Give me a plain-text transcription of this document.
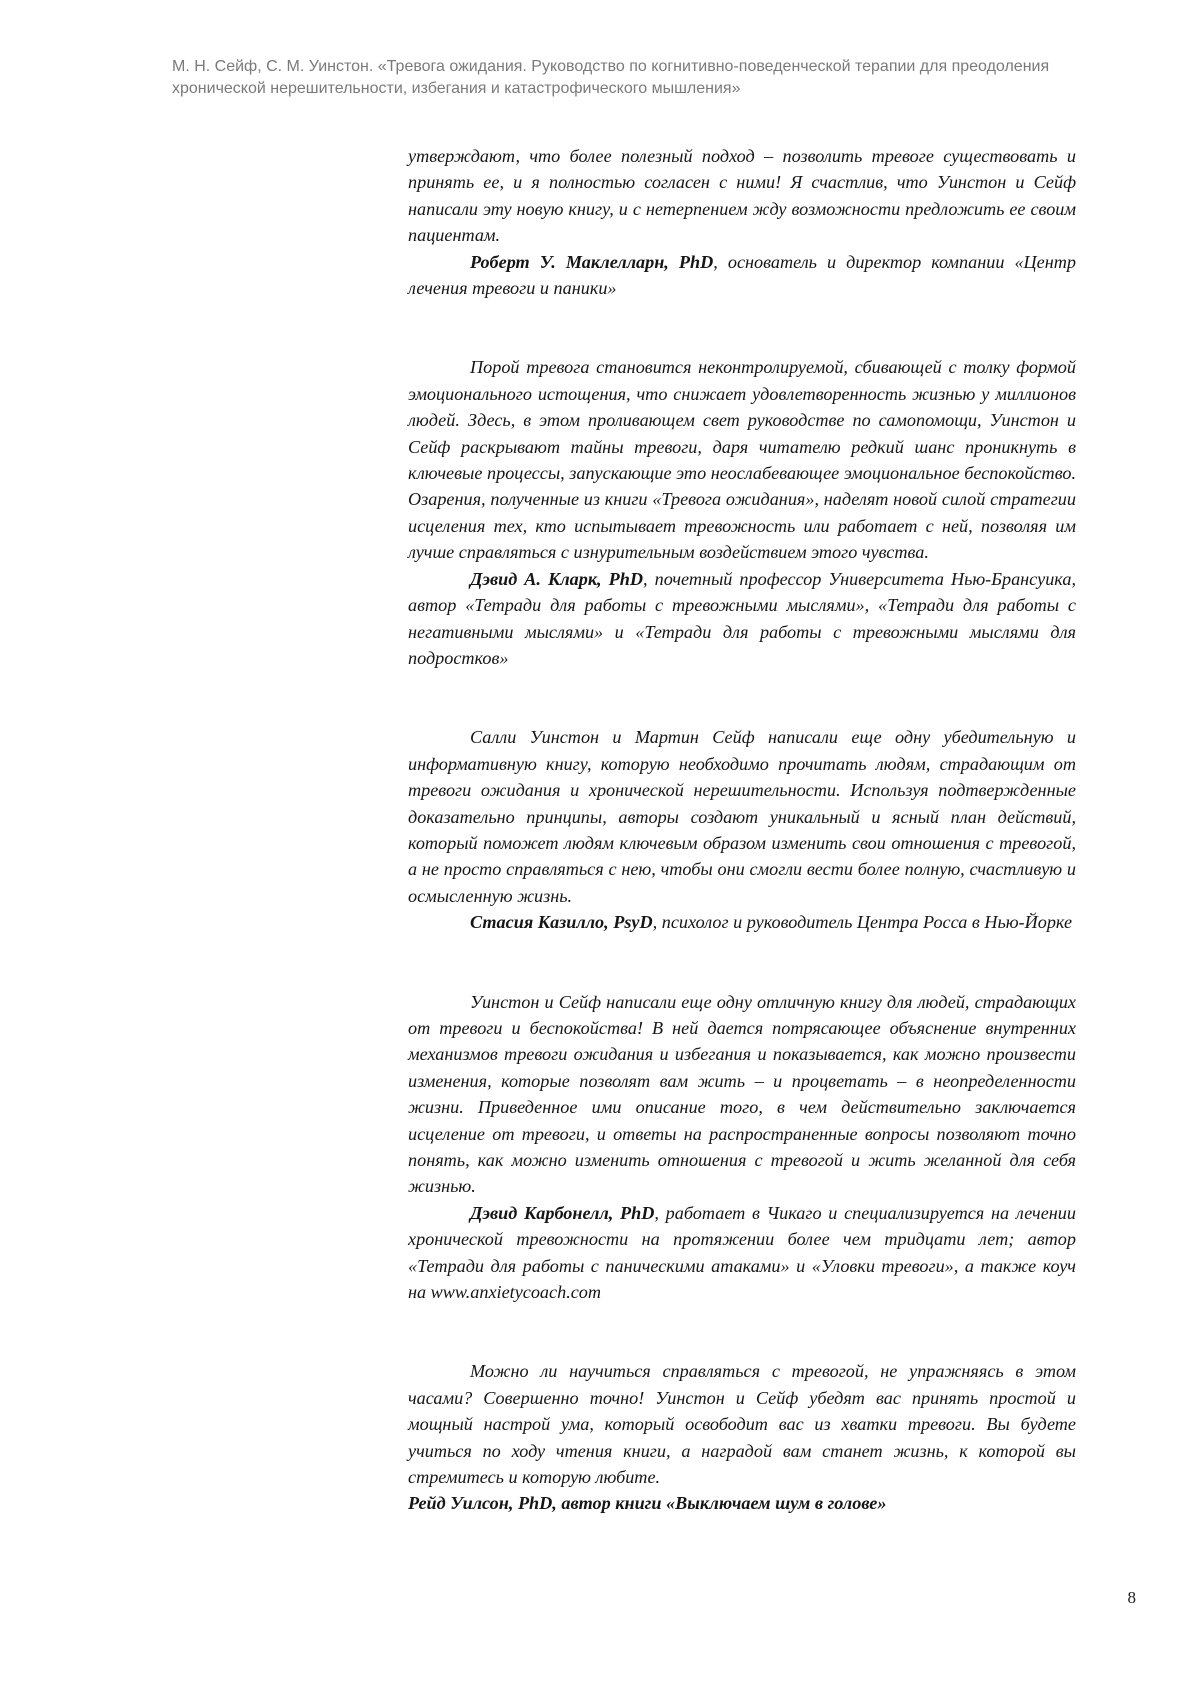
М. Н. Сейф, С. М. Уинстон. «Тревога ожидания. Руководство по когнитивно-поведенческой терапии для преодоления хронической нерешительности, избегания и катастрофического мышления»

утверждают, что более полезный подход – позволить тревоге существовать и принять ее, и я полностью согласен с ними! Я счастлив, что Уинстон и Сейф написали эту новую книгу, и с нетерпением жду возможности предложить ее своим пациентам.

Роберт У. Маклелларн, PhD, основатель и директор компании «Центр лечения тревоги и паники»

Порой тревога становится неконтролируемой, сбивающей с толку формой эмоционального истощения, что снижает удовлетворенность жизнью у миллионов людей. Здесь, в этом проливающем свет руководстве по самопомощи, Уинстон и Сейф раскрывают тайны тревоги, даря читателю редкий шанс проникнуть в ключевые процессы, запускающие это неослабевающее эмоциональное беспокойство. Озарения, полученные из книги «Тревога ожидания», наделят новой силой стратегии исцеления тех, кто испытывает тревожность или работает с ней, позволяя им лучше справляться с изнурительным воздействием этого чувства.

Дэвид А. Кларк, PhD, почетный профессор Университета Нью-Брансуика, автор «Тетради для работы с тревожными мыслями», «Тетради для работы с негативными мыслями» и «Тетради для работы с тревожными мыслями для подростков»

Салли Уинстон и Мартин Сейф написали еще одну убедительную и информативную книгу, которую необходимо прочитать людям, страдающим от тревоги ожидания и хронической нерешительности. Используя подтвержденные доказательно принципы, авторы создают уникальный и ясный план действий, который поможет людям ключевым образом изменить свои отношения с тревогой, а не просто справляться с нею, чтобы они смогли вести более полную, счастливую и осмысленную жизнь.

Стасия Казилло, PsyD, психолог и руководитель Центра Росса в Нью-Йорке

Уинстон и Сейф написали еще одну отличную книгу для людей, страдающих от тревоги и беспокойства! В ней дается потрясающее объяснение внутренних механизмов тревоги ожидания и избегания и показывается, как можно произвести изменения, которые позволят вам жить – и процветать – в неопределенности жизни. Приведенное ими описание того, в чем действительно заключается исцеление от тревоги, и ответы на распространенные вопросы позволяют точно понять, как можно изменить отношения с тревогой и жить желанной для себя жизнью.

Дэвид Карбонелл, PhD, работает в Чикаго и специализируется на лечении хронической тревожности на протяжении более чем тридцати лет; автор «Тетради для работы с паническими атаками» и «Уловки тревоги», а также коуч на www.anxietycoach.com

Можно ли научиться справляться с тревогой, не упражняясь в этом часами? Совершенно точно! Уинстон и Сейф убедят вас принять простой и мощный настрой ума, который освободит вас из хватки тревоги. Вы будете учиться по ходу чтения книги, а наградой вам станет жизнь, к которой вы стремитесь и которую любите.

Рейд Уилсон, PhD, автор книги «Выключаем шум в голове»

8
